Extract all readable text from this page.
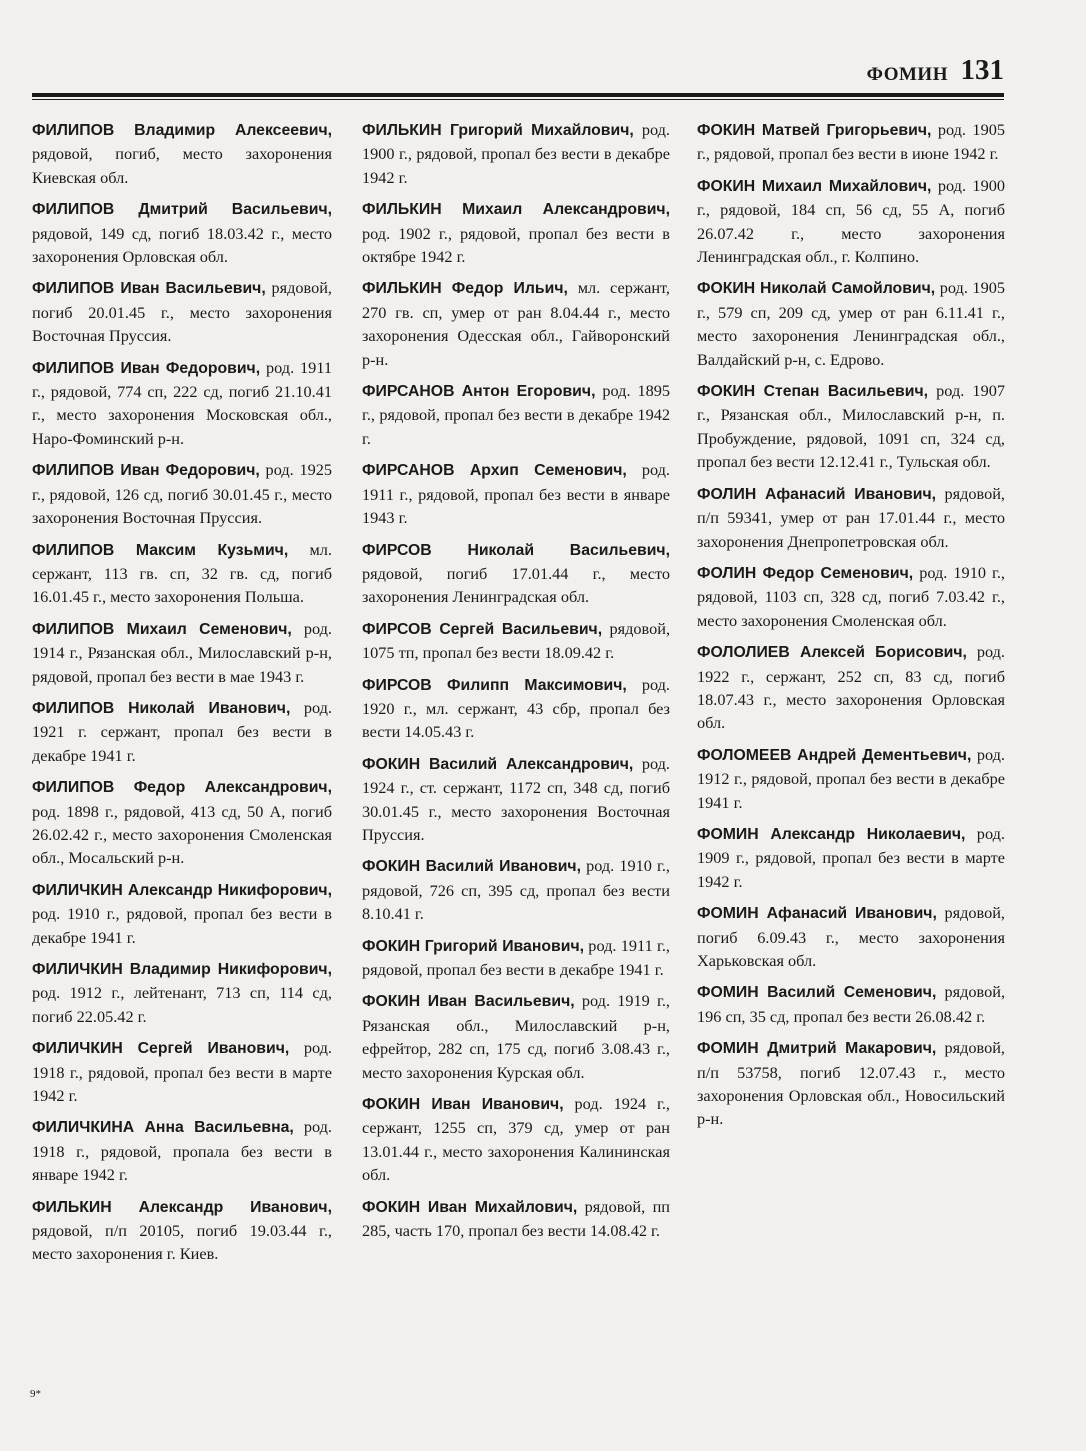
ФОМИН 131

ФИЛИПОВ Владимир Алексеевич, рядовой, погиб, место захоронения Киевская обл.

ФИЛИПОВ Дмитрий Васильевич, рядовой, 149 сд, погиб 18.03.42 г., место захоронения Орловская обл.

ФИЛИПОВ Иван Васильевич, рядовой, погиб 20.01.45 г., место захоронения Восточная Пруссия.

ФИЛИПОВ Иван Федорович, род. 1911 г., рядовой, 774 сп, 222 сд, погиб 21.10.41 г., место захоронения Московская обл., Наро-Фоминский р-н.

ФИЛИПОВ Иван Федорович, род. 1925 г., рядовой, 126 сд, погиб 30.01.45 г., место захоронения Восточная Пруссия.

ФИЛИПОВ Максим Кузьмич, мл. сержант, 113 гв. сп, 32 гв. сд, погиб 16.01.45 г., место захоронения Польша.

ФИЛИПОВ Михаил Семенович, род. 1914 г., Рязанская обл., Милославский р-н, рядовой, пропал без вести в мае 1943 г.

ФИЛИПОВ Николай Иванович, род. 1921 г. сержант, пропал без вести в декабре 1941 г.

ФИЛИПОВ Федор Александрович, род. 1898 г., рядовой, 413 сд, 50 А, погиб 26.02.42 г., место захоронения Смоленская обл., Мосальский р-н.

ФИЛИЧКИН Александр Никифорович, род. 1910 г., рядовой, пропал без вести в декабре 1941 г.

ФИЛИЧКИН Владимир Никифорович, род. 1912 г., лейтенант, 713 сп, 114 сд, погиб 22.05.42 г.

ФИЛИЧКИН Сергей Иванович, род. 1918 г., рядовой, пропал без вести в марте 1942 г.

ФИЛИЧКИНА Анна Васильевна, род. 1918 г., рядовой, пропала без вести в январе 1942 г.

ФИЛЬКИН Александр Иванович, рядовой, п/п 20105, погиб 19.03.44 г., место захоронения г. Киев.

ФИЛЬКИН Григорий Михайлович, род. 1900 г., рядовой, пропал без вести в декабре 1942 г.

ФИЛЬКИН Михаил Александрович, род. 1902 г., рядовой, пропал без вести в октябре 1942 г.

ФИЛЬКИН Федор Ильич, мл. сержант, 270 гв. сп, умер от ран 8.04.44 г., место захоронения Одесская обл., Гайворонский р-н.

ФИРСАНОВ Антон Егорович, род. 1895 г., рядовой, пропал без вести в декабре 1942 г.

ФИРСАНОВ Архип Семенович, род. 1911 г., рядовой, пропал без вести в январе 1943 г.

ФИРСОВ Николай Васильевич, рядовой, погиб 17.01.44 г., место захоронения Ленинградская обл.

ФИРСОВ Сергей Васильевич, рядовой, 1075 тп, пропал без вести 18.09.42 г.

ФИРСОВ Филипп Максимович, род. 1920 г., мл. сержант, 43 сбр, пропал без вести 14.05.43 г.

ФОКИН Василий Александрович, род. 1924 г., ст. сержант, 1172 сп, 348 сд, погиб 30.01.45 г., место захоронения Восточная Пруссия.

ФОКИН Василий Иванович, род. 1910 г., рядовой, 726 сп, 395 сд, пропал без вести 8.10.41 г.

ФОКИН Григорий Иванович, род. 1911 г., рядовой, пропал без вести в декабре 1941 г.

ФОКИН Иван Васильевич, род. 1919 г., Рязанская обл., Милославский р-н, ефрейтор, 282 сп, 175 сд, погиб 3.08.43 г., место захоронения Курская обл.

ФОКИН Иван Иванович, род. 1924 г., сержант, 1255 сп, 379 сд, умер от ран 13.01.44 г., место захоронения Калининская обл.

ФОКИН Иван Михайлович, рядовой, пп 285, часть 170, пропал без вести 14.08.42 г.

ФОКИН Матвей Григорьевич, род. 1905 г., рядовой, пропал без вести в июне 1942 г.

ФОКИН Михаил Михайлович, род. 1900 г., рядовой, 184 сп, 56 сд, 55 А, погиб 26.07.42 г., место захоронения Ленинградская обл., г. Колпино.

ФОКИН Николай Самойлович, род. 1905 г., 579 сп, 209 сд, умер от ран 6.11.41 г., место захоронения Ленинградская обл., Валдайский р-н, с. Едрово.

ФОКИН Степан Васильевич, род. 1907 г., Рязанская обл., Милославский р-н, п. Пробуждение, рядовой, 1091 сп, 324 сд, пропал без вести 12.12.41 г., Тульская обл.

ФОЛИН Афанасий Иванович, рядовой, п/п 59341, умер от ран 17.01.44 г., место захоронения Днепропетровская обл.

ФОЛИН Федор Семенович, род. 1910 г., рядовой, 1103 сп, 328 сд, погиб 7.03.42 г., место захоронения Смоленская обл.

ФОЛОЛИЕВ Алексей Борисович, род. 1922 г., сержант, 252 сп, 83 сд, погиб 18.07.43 г., место захоронения Орловская обл.

ФОЛОМЕЕВ Андрей Дементьевич, род. 1912 г., рядовой, пропал без вести в декабре 1941 г.

ФОМИН Александр Николаевич, род. 1909 г., рядовой, пропал без вести в марте 1942 г.

ФОМИН Афанасий Иванович, рядовой, погиб 6.09.43 г., место захоронения Харьковская обл.

ФОМИН Василий Семенович, рядовой, 196 сп, 35 сд, пропал без вести 26.08.42 г.

ФОМИН Дмитрий Макарович, рядовой, п/п 53758, погиб 12.07.43 г., место захоронения Орловская обл., Новосильский р-н.

9*
